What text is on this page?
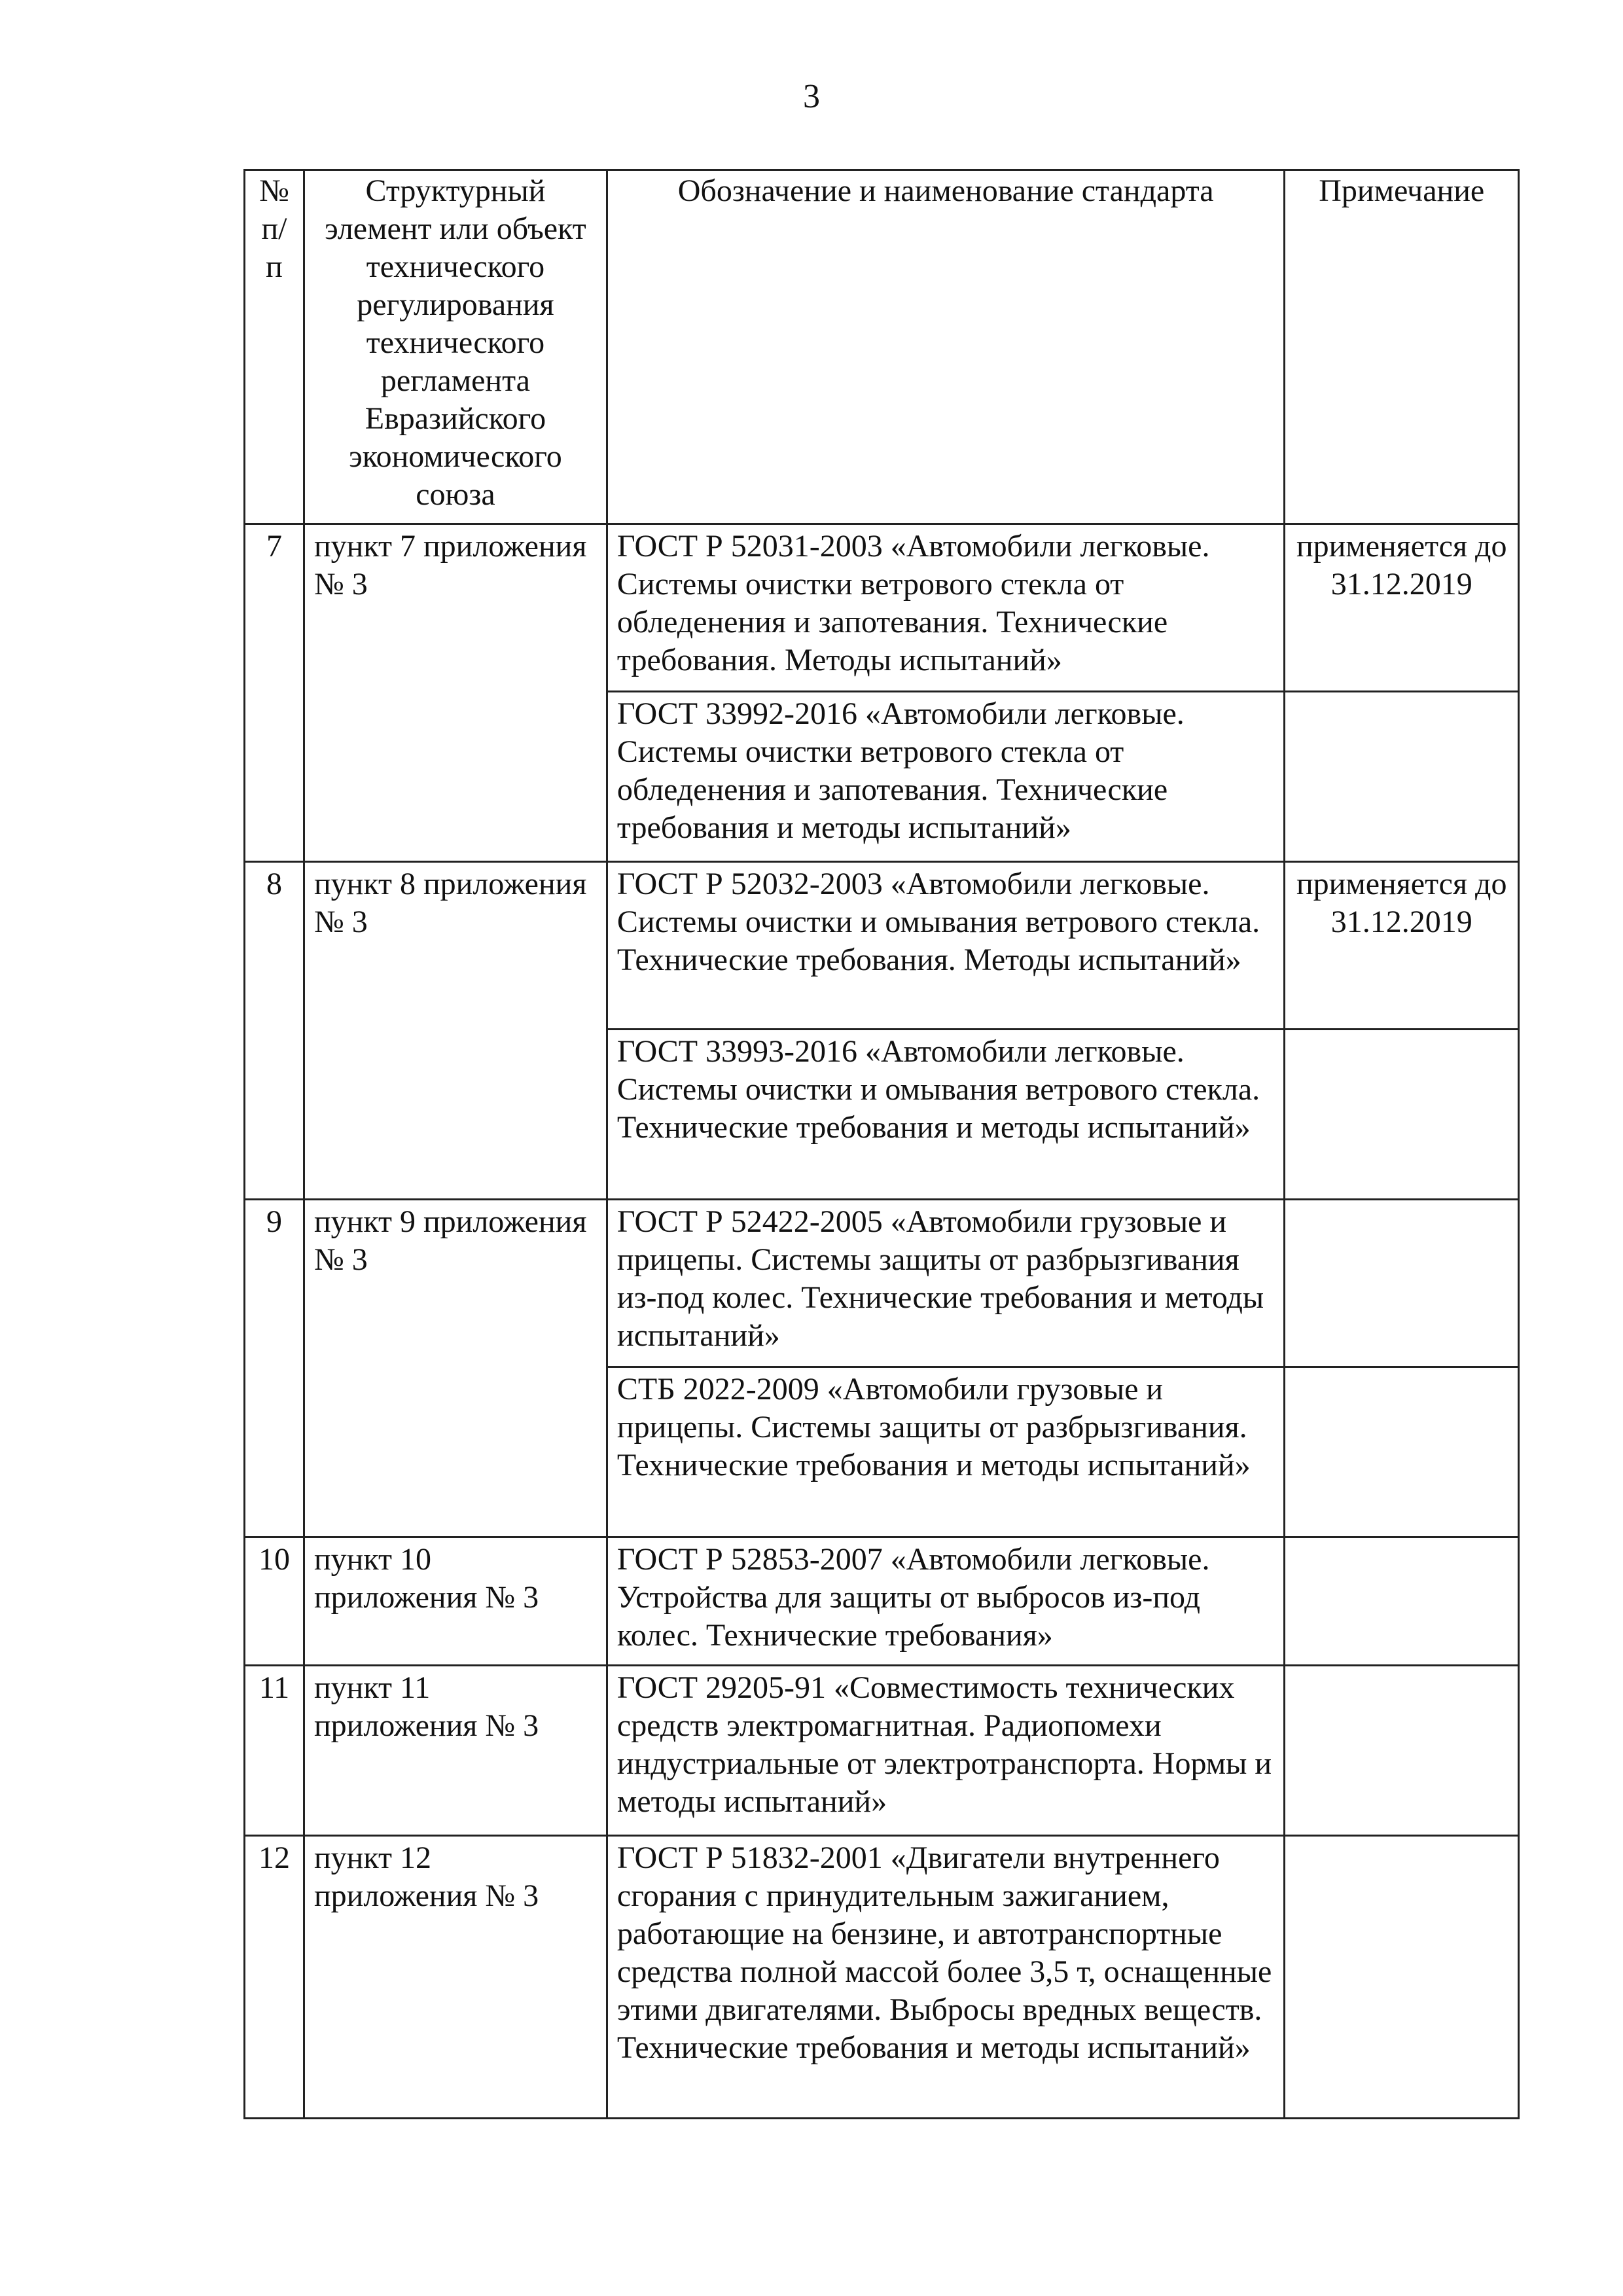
3
№ п/п	Структурный элемент или объект технического регулирования технического регламента Евразийского экономического союза	Обозначение и наименование стандарта	Примечание
7	пункт 7 приложения № 3	ГОСТ Р 52031-2003 «Автомобили легковые. Системы очистки ветрового стекла от обледенения и запотевания. Технические требования. Методы испытаний»	применяется до 31.12.2019
		ГОСТ 33992-2016 «Автомобили легковые. Системы очистки ветрового стекла от обледенения и запотевания. Технические требования и методы испытаний»	
8	пункт 8 приложения № 3	ГОСТ Р 52032-2003 «Автомобили легковые. Системы очистки и омывания ветрового стекла. Технические требования. Методы испытаний»	применяется до 31.12.2019
		ГОСТ 33993-2016 «Автомобили легковые. Системы очистки и омывания ветрового стекла. Технические требования и методы испытаний»	
9	пункт 9 приложения № 3	ГОСТ Р 52422-2005 «Автомобили грузовые и прицепы. Системы защиты от разбрызгивания из-под колес. Технические требования и методы испытаний»	
		СТБ 2022-2009 «Автомобили грузовые и прицепы. Системы защиты от разбрызгивания. Технические требования и методы испытаний»	
10	пункт 10 приложения № 3	ГОСТ Р 52853-2007 «Автомобили легковые. Устройства для защиты от выбросов из-под колес. Технические требования»	
11	пункт 11 приложения № 3	ГОСТ 29205-91 «Совместимость технических средств электромагнитная. Радиопомехи индустриальные от электротранспорта. Нормы и методы испытаний»	
12	пункт 12 приложения № 3	ГОСТ Р 51832-2001 «Двигатели внутреннего сгорания с принудительным зажиганием, работающие на бензине, и автотранспортные средства полной массой более 3,5 т, оснащенные этими двигателями. Выбросы вредных веществ. Технические требования и методы испытаний»	
